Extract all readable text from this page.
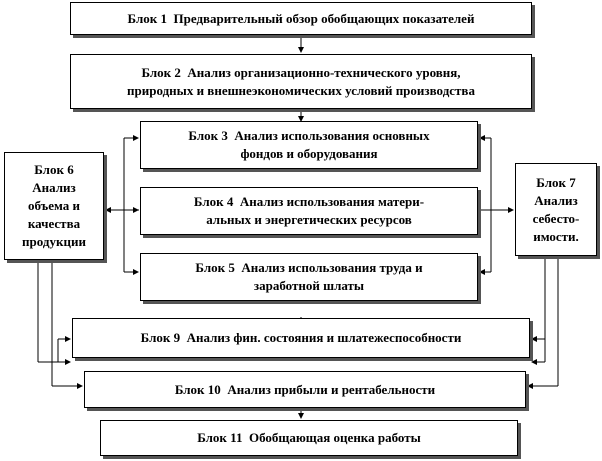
Блок 1 Предварительный обзор обобщающих показателей
Блок 2 Анализ организационно-технического уровня,
природных и внешнеэкономических условий производства
Блок 3 Анализ использования основных
фондов и оборудования
Блок 4 Анализ использования матери-
альных и энергетических ресурсов
Блок 5 Анализ использования труда и
заработной шлаты
Блок 6
Анализ
объема и
качества
продукции
Блок 7
Анализ
себесто-
имости.
Блок 9 Анализ фин. состояния и шлатежеспособности
Блок 10 Анализ прибыли и рентабельности
Блок 11 Обобщающая оценка работы
